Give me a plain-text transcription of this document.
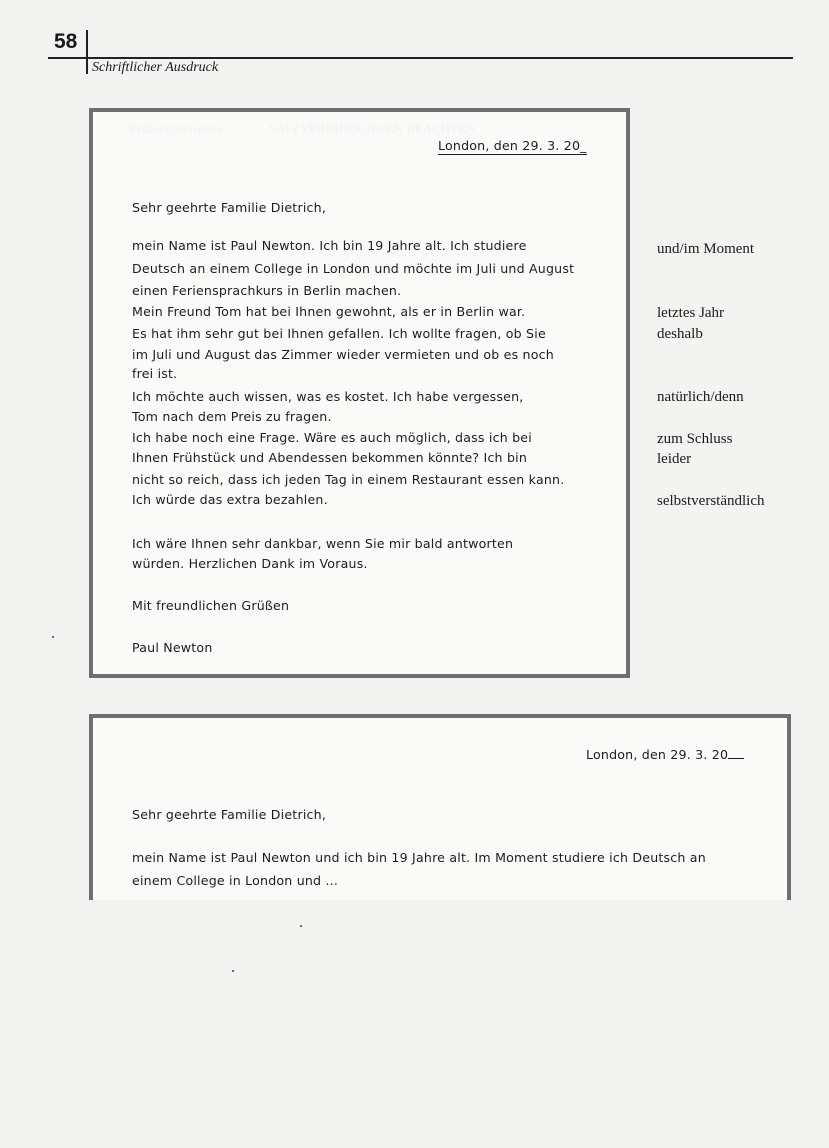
58
Schriftlicher Ausdruck
London, den 29. 3. 20_
Sehr geehrte Familie Dietrich,
mein Name ist Paul Newton. Ich bin 19 Jahre alt. Ich studiere
Deutsch an einem College in London und möchte im Juli und August
einen Feriensprachkurs in Berlin machen.
Mein Freund Tom hat bei Ihnen gewohnt, als er in Berlin war.
Es hat ihm sehr gut bei Ihnen gefallen. Ich wollte fragen, ob Sie
im Juli und August das Zimmer wieder vermieten und ob es noch
frei ist.
Ich möchte auch wissen, was es kostet. Ich habe vergessen,
Tom nach dem Preis zu fragen.
Ich habe noch eine Frage. Wäre es auch möglich, dass ich bei
Ihnen Frühstück und Abendessen bekommen könnte? Ich bin
nicht so reich, dass ich jeden Tag in einem Restaurant essen kann.
Ich würde das extra bezahlen.
Ich wäre Ihnen sehr dankbar, wenn Sie mir bald antworten
würden. Herzlichen Dank im Voraus.
Mit freundlichen Grüßen
Paul Newton
und/im Moment
letztes Jahr
deshalb
natürlich/denn
zum Schluss
leider
selbstverständlich
London, den 29. 3. 20
Sehr geehrte Familie Dietrich,
mein Name ist Paul Newton und ich bin 19 Jahre alt. Im Moment studiere ich Deutsch an
einem College in London und ...
